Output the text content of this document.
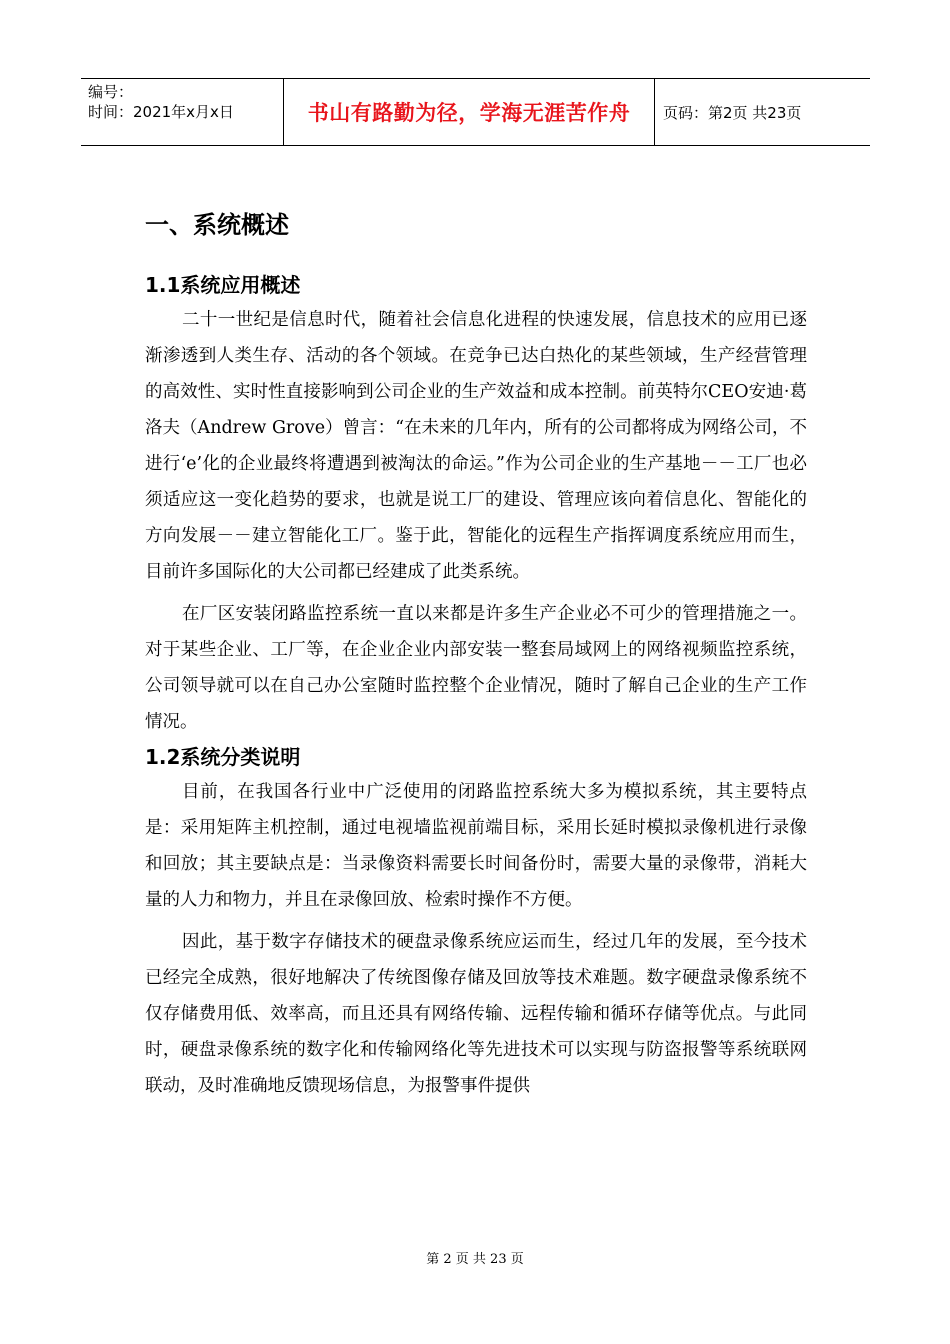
编号：
时间：2021年x月x日	书山有路勤为径，学海无涯苦作舟 页码：第2页 共23页
一、系统概述
1.1系统应用概述

二十一世纪是信息时代，随着社会信息化进程的快速发展，信息技术的应用已逐渐渗透到人类生存、活动的各个领域。在竞争已达白热化的某些领域，生产经营管理的高效性、实时性直接影响到公司企业的生产效益和成本控制。前英特尔CEO安迪·葛洛夫（Andrew Grove）曾言：“在未来的几年内，所有的公司都将成为网络公司，不进行‘e’化的企业最终将遭遇到被淘汰的命运。”作为公司企业的生产基地－－工厂也必须适应这一变化趋势的要求，也就是说工厂的建设、管理应该向着信息化、智能化的方向发展－－建立智能化工厂。鉴于此，智能化的远程生产指挥调度系统应用而生，目前许多国际化的大公司都已经建成了此类系统。

在厂区安装闭路监控系统一直以来都是许多生产企业必不可少的管理措施之一。对于某些企业、工厂等，在企业企业内部安装一整套局域网上的网络视频监控系统，公司领导就可以在自己办公室随时监控整个企业情况，随时了解自己企业的生产工作情况。

1.2系统分类说明

目前，在我国各行业中广泛使用的闭路监控系统大多为模拟系统，其主要特点是：采用矩阵主机控制，通过电视墙监视前端目标，采用长延时模拟录像机进行录像和回放；其主要缺点是：当录像资料需要长时间备份时，需要大量的录像带，消耗大量的人力和物力，并且在录像回放、检索时操作不方便。

因此，基于数字存储技术的硬盘录像系统应运而生，经过几年的发展，至今技术已经完全成熟，很好地解决了传统图像存储及回放等技术难题。数字硬盘录像系统不仅存储费用低、效率高，而且还具有网络传输、远程传输和循环存储等优点。与此同时，硬盘录像系统的数字化和传输网络化等先进技术可以实现与防盗报警等系统联网联动，及时准确地反馈现场信息，为报警事件提供

第 2 页 共 23 页
